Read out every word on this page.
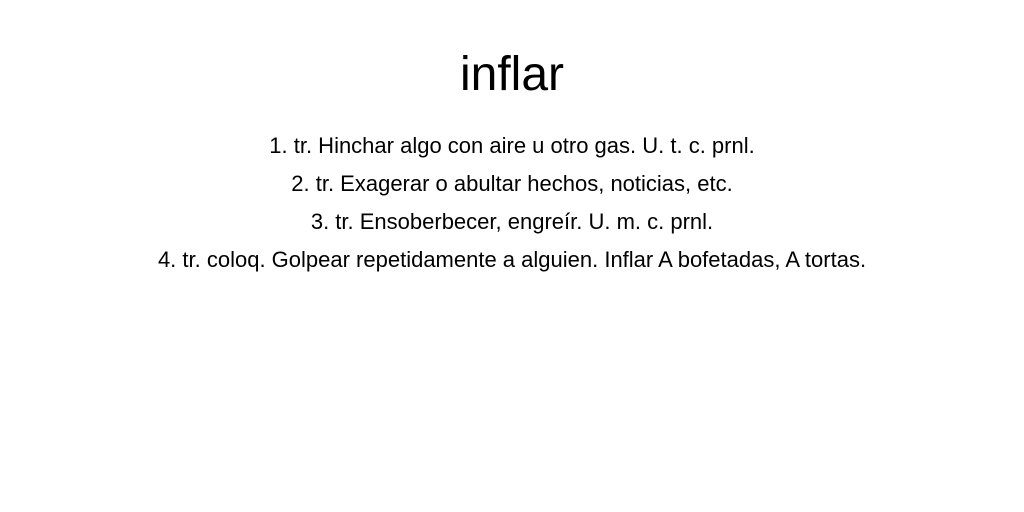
inflar
1. tr. Hinchar algo con aire u otro gas. U. t. c. prnl.
2. tr. Exagerar o abultar hechos, noticias, etc.
3. tr. Ensoberbecer, engreír. U. m. c. prnl.
4. tr. coloq. Golpear repetidamente a alguien. Inflar A bofetadas, A tortas.
